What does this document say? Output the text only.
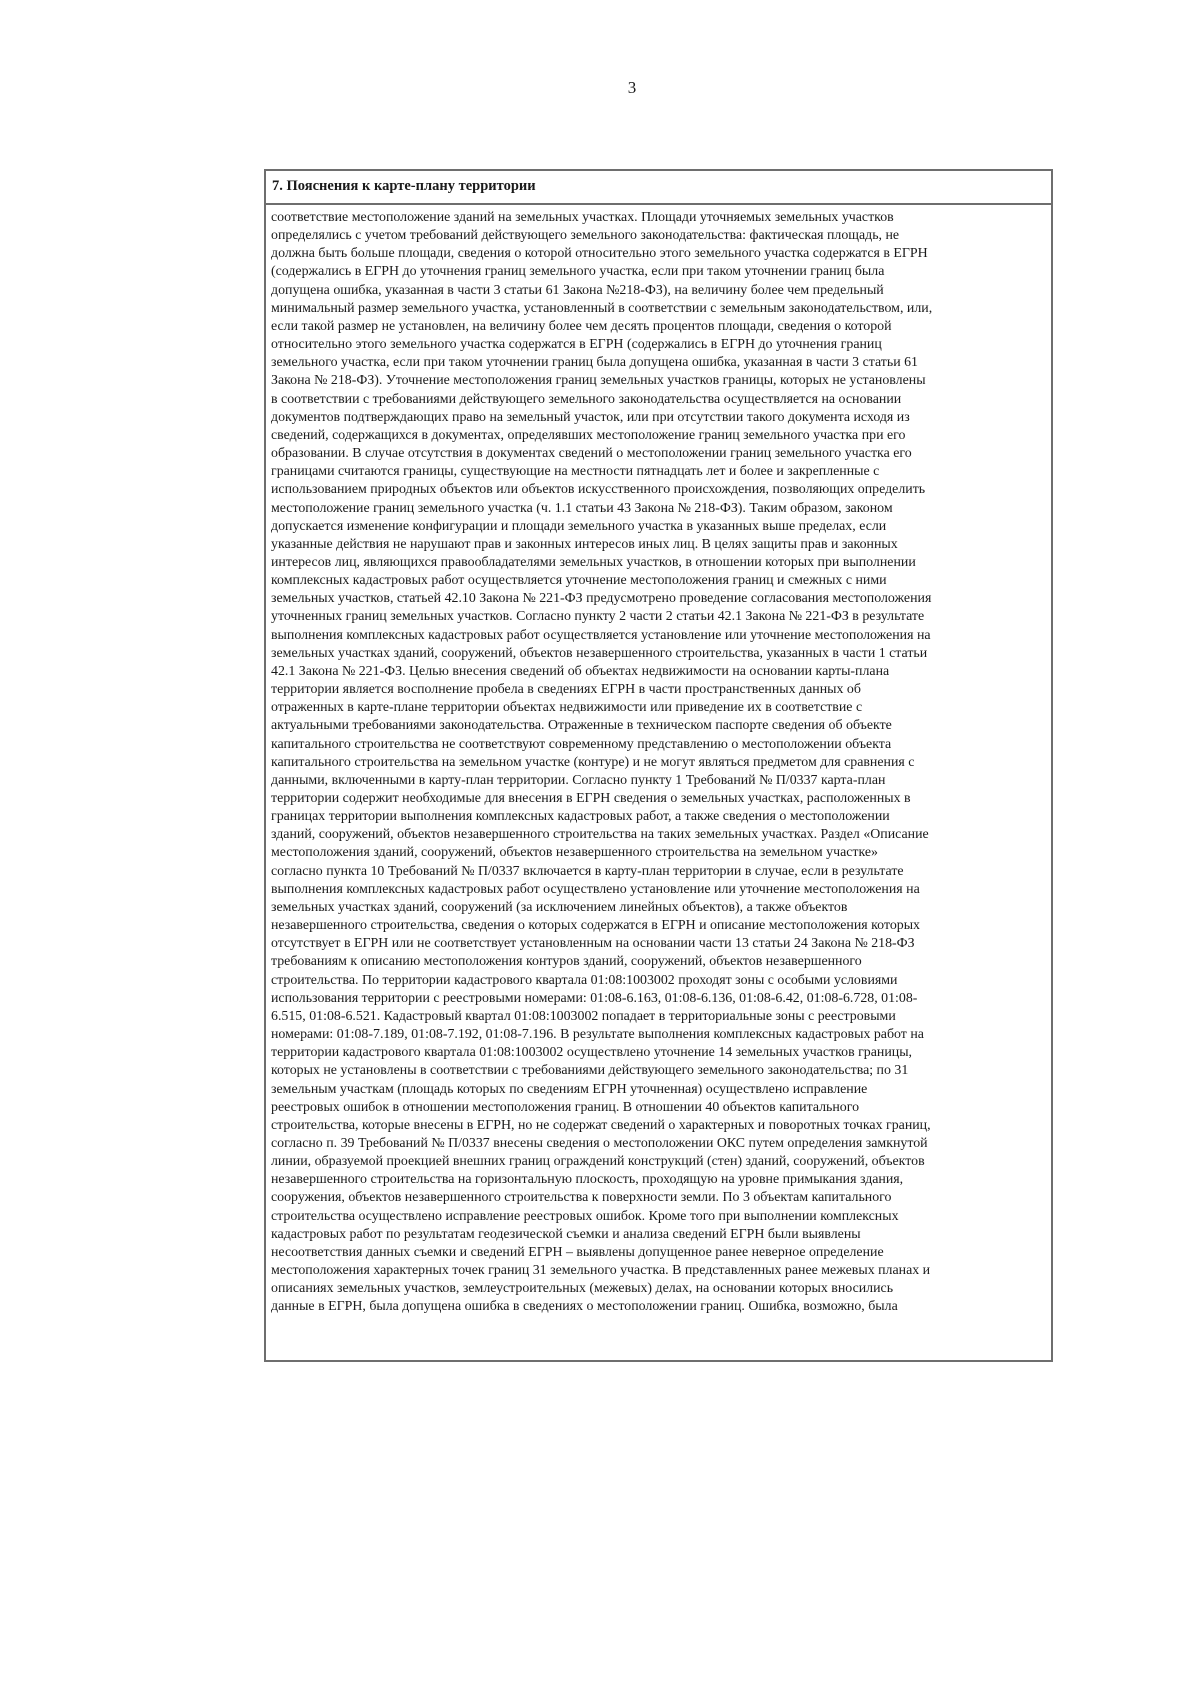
3
7. Пояснения к карте-плану территории
соответствие местоположение зданий на земельных участках. Площади уточняемых земельных участков
определялись с учетом требований действующего земельного законодательства: фактическая площадь, не
должна быть больше площади, сведения о которой относительно этого земельного участка содержатся в ЕГРН
(содержались в ЕГРН до уточнения границ земельного участка, если при таком уточнении границ была
допущена ошибка, указанная в части 3 статьи 61 Закона №218-ФЗ), на величину более чем предельный
минимальный размер земельного участка, установленный в соответствии с земельным законодательством, или,
если такой размер не установлен, на величину более чем десять процентов площади, сведения о которой
относительно этого земельного участка содержатся в ЕГРН (содержались в ЕГРН до уточнения границ
земельного участка, если при таком уточнении границ была допущена ошибка, указанная в части 3 статьи 61
Закона № 218-ФЗ). Уточнение местоположения границ земельных участков границы, которых не установлены
в соответствии с требованиями действующего земельного законодательства осуществляется на основании
документов подтверждающих право на земельный участок, или при отсутствии такого документа исходя из
сведений, содержащихся в документах, определявших местоположение границ земельного участка при его
образовании. В случае отсутствия в документах сведений о местоположении границ земельного участка его
границами считаются границы, существующие на местности пятнадцать лет и более и закрепленные с
использованием природных объектов или объектов искусственного происхождения, позволяющих определить
местоположение границ земельного участка (ч. 1.1 статьи 43 Закона № 218-ФЗ). Таким образом, законом
допускается изменение конфигурации и площади земельного участка в указанных выше пределах, если
указанные действия не нарушают прав и законных интересов иных лиц. В целях защиты прав и законных
интересов лиц, являющихся правообладателями земельных участков, в отношении которых при выполнении
комплексных кадастровых работ осуществляется уточнение местоположения границ и смежных с ними
земельных участков, статьей 42.10 Закона № 221-ФЗ предусмотрено проведение согласования местоположения
уточненных границ земельных участков. Согласно пункту 2 части 2 статьи 42.1 Закона № 221-ФЗ в результате
выполнения комплексных кадастровых работ осуществляется установление или уточнение местоположения на
земельных участках зданий, сооружений, объектов незавершенного строительства, указанных в части 1 статьи
42.1 Закона № 221-ФЗ. Целью внесения сведений об объектах недвижимости на основании карты-плана
территории является восполнение пробела в сведениях ЕГРН в части пространственных данных об
отраженных в карте-плане территории объектах недвижимости или приведение их в соответствие с
актуальными требованиями законодательства. Отраженные в техническом паспорте сведения об объекте
капитального строительства не соответствуют современному представлению о местоположении объекта
капитального строительства на земельном участке (контуре) и не могут являться предметом для сравнения с
данными, включенными в карту-план территории. Согласно пункту 1 Требований № П/0337 карта-план
территории содержит необходимые для внесения в ЕГРН сведения о земельных участках, расположенных в
границах территории выполнения комплексных кадастровых работ, а также сведения о местоположении
зданий, сооружений, объектов незавершенного строительства на таких земельных участках. Раздел «Описание
местоположения зданий, сооружений, объектов незавершенного строительства на земельном участке»
согласно пункта 10 Требований № П/0337 включается в карту-план территории в случае, если в результате
выполнения комплексных кадастровых работ осуществлено установление или уточнение местоположения на
земельных участках зданий, сооружений (за исключением линейных объектов), а также объектов
незавершенного строительства, сведения о которых содержатся в ЕГРН и описание местоположения которых
отсутствует в ЕГРН или не соответствует установленным на основании части 13 статьи 24 Закона № 218-ФЗ
требованиям к описанию местоположения контуров зданий, сооружений, объектов незавершенного
строительства. По территории кадастрового квартала 01:08:1003002 проходят зоны с особыми условиями
использования территории с реестровыми номерами: 01:08-6.163, 01:08-6.136, 01:08-6.42, 01:08-6.728, 01:08-
6.515, 01:08-6.521. Кадастровый квартал 01:08:1003002 попадает в территориальные зоны с реестровыми
номерами: 01:08-7.189, 01:08-7.192, 01:08-7.196. В результате выполнения комплексных кадастровых работ на
территории кадастрового квартала 01:08:1003002 осуществлено уточнение 14 земельных участков границы,
которых не установлены в соответствии с требованиями действующего земельного законодательства; по 31
земельным участкам (площадь которых по сведениям ЕГРН уточненная) осуществлено исправление
реестровых ошибок в отношении местоположения границ. В отношении 40 объектов капитального
строительства, которые внесены в ЕГРН, но не содержат сведений о характерных и поворотных точках границ,
согласно п. 39 Требований № П/0337 внесены сведения о местоположении ОКС путем определения замкнутой
линии, образуемой проекцией внешних границ ограждений конструкций (стен) зданий, сооружений, объектов
незавершенного строительства на горизонтальную плоскость, проходящую на уровне примыкания здания,
сооружения, объектов незавершенного строительства к поверхности земли. По 3 объектам капитального
строительства осуществлено исправление реестровых ошибок. Кроме того при выполнении комплексных
кадастровых работ по результатам геодезической съемки и анализа сведений ЕГРН были выявлены
несоответствия данных съемки и сведений ЕГРН – выявлены допущенное ранее неверное определение
местоположения характерных точек границ 31 земельного участка. В представленных ранее межевых планах и
описаниях земельных участков, землеустроительных (межевых) делах, на основании которых вносились
данные в ЕГРН, была допущена ошибка в сведениях о местоположении границ. Ошибка, возможно, была
